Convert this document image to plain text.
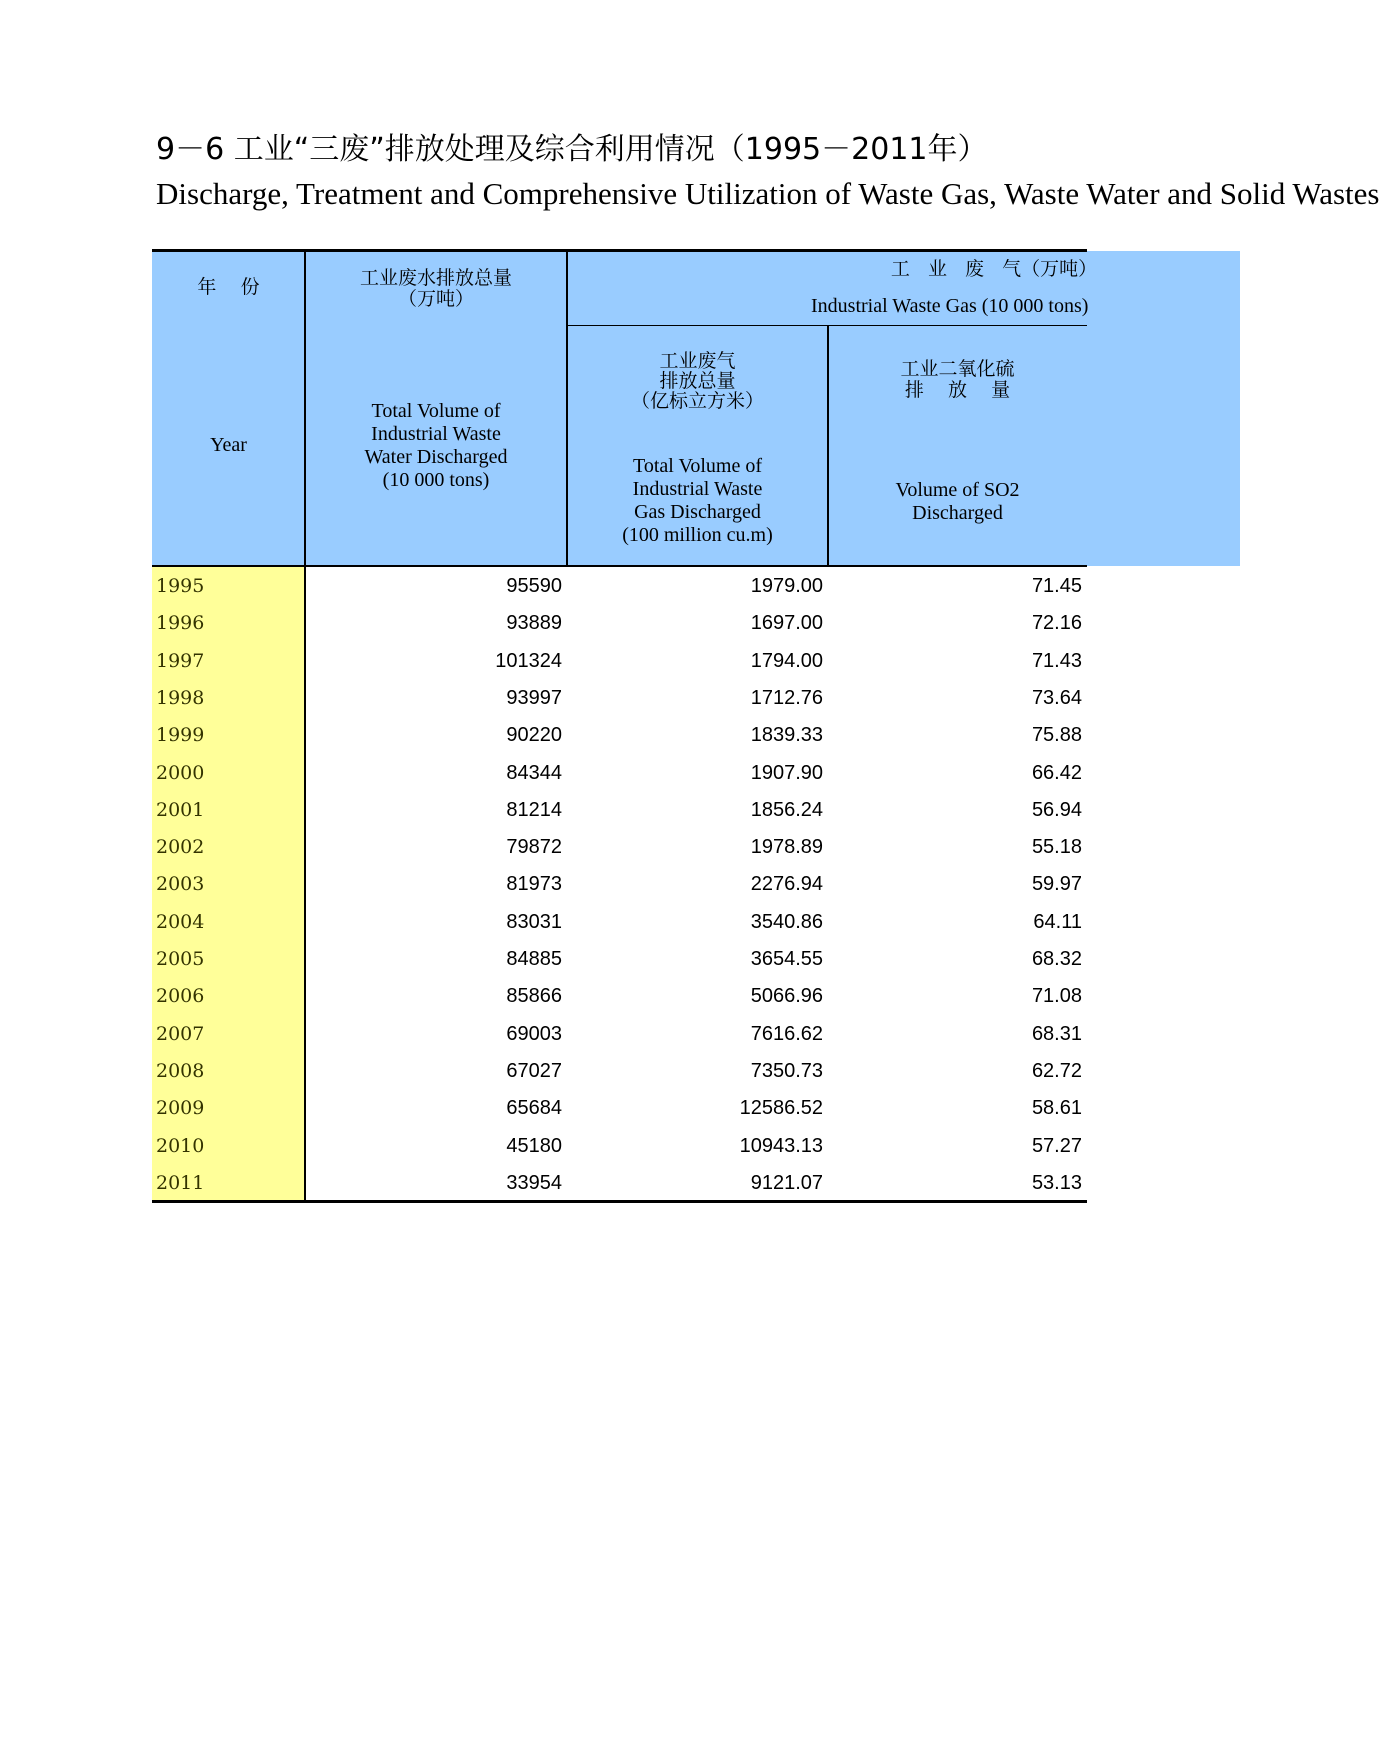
9－6 工业“三废”排放处理及综合利用情况（1995－2011年）
Discharge, Treatment and Comprehensive Utilization of Waste Gas, Waste Water and Solid Wastes
年    份
Year
工业废水排放总量
（万吨）
Total Volume of
Industrial Waste
Water Discharged
(10 000 tons)
工   业   废   气（万吨）
Industrial Waste Gas (10 000 tons)
工业废气
排放总量
（亿标立方米）
Total Volume of
Industrial Waste
Gas Discharged
(100 million cu.m)
工业二氧化硫
排    放    量
Volume of SO2
Discharged
1995	95590	1979.00	71.45
1996	93889	1697.00	72.16
1997	101324	1794.00	71.43
1998	93997	1712.76	73.64
1999	90220	1839.33	75.88
2000	84344	1907.90	66.42
2001	81214	1856.24	56.94
2002	79872	1978.89	55.18
2003	81973	2276.94	59.97
2004	83031	3540.86	64.11
2005	84885	3654.55	68.32
2006	85866	5066.96	71.08
2007	69003	7616.62	68.31
2008	67027	7350.73	62.72
2009	65684	12586.52	58.61
2010	45180	10943.13	57.27
2011	33954	9121.07	53.13
